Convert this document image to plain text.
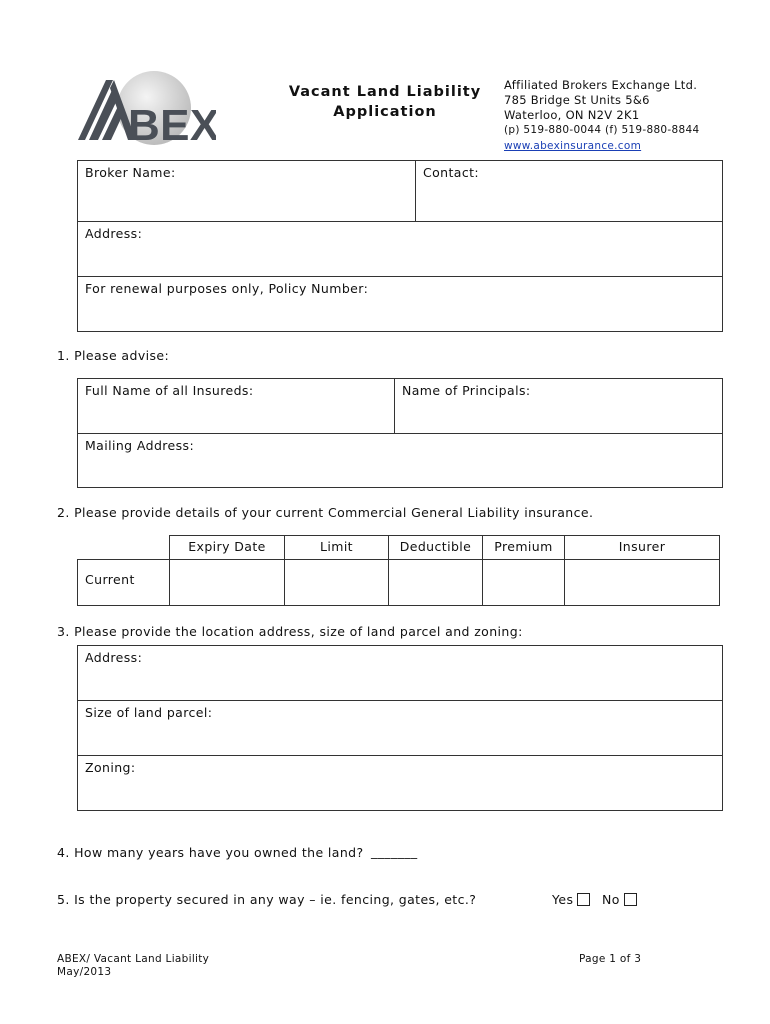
BEX
Vacant Land Liability
Application
Affiliated Brokers Exchange Ltd.
785 Bridge St Units 5&6
Waterloo, ON N2V 2K1
(p) 519-880-0044 (f) 519-880-8844
www.abexinsurance.com
Broker Name:	Contact:
Address:
For renewal purposes only, Policy Number:
1. Please advise:
Full Name of all Insureds:	Name of Principals:
Mailing Address:
2. Please provide details of your current Commercial General Liability insurance.
Expiry Date	Limit	Deductible	Premium	Insurer
Current
3. Please provide the location address, size of land parcel and zoning:
Address:
Size of land parcel:
Zoning:
4. How many years have you owned the land? _______
5. Is the property secured in any way – ie. fencing, gates, etc.?	Yes	No
ABEX/ Vacant Land Liability
May/2013
Page 1 of 3
